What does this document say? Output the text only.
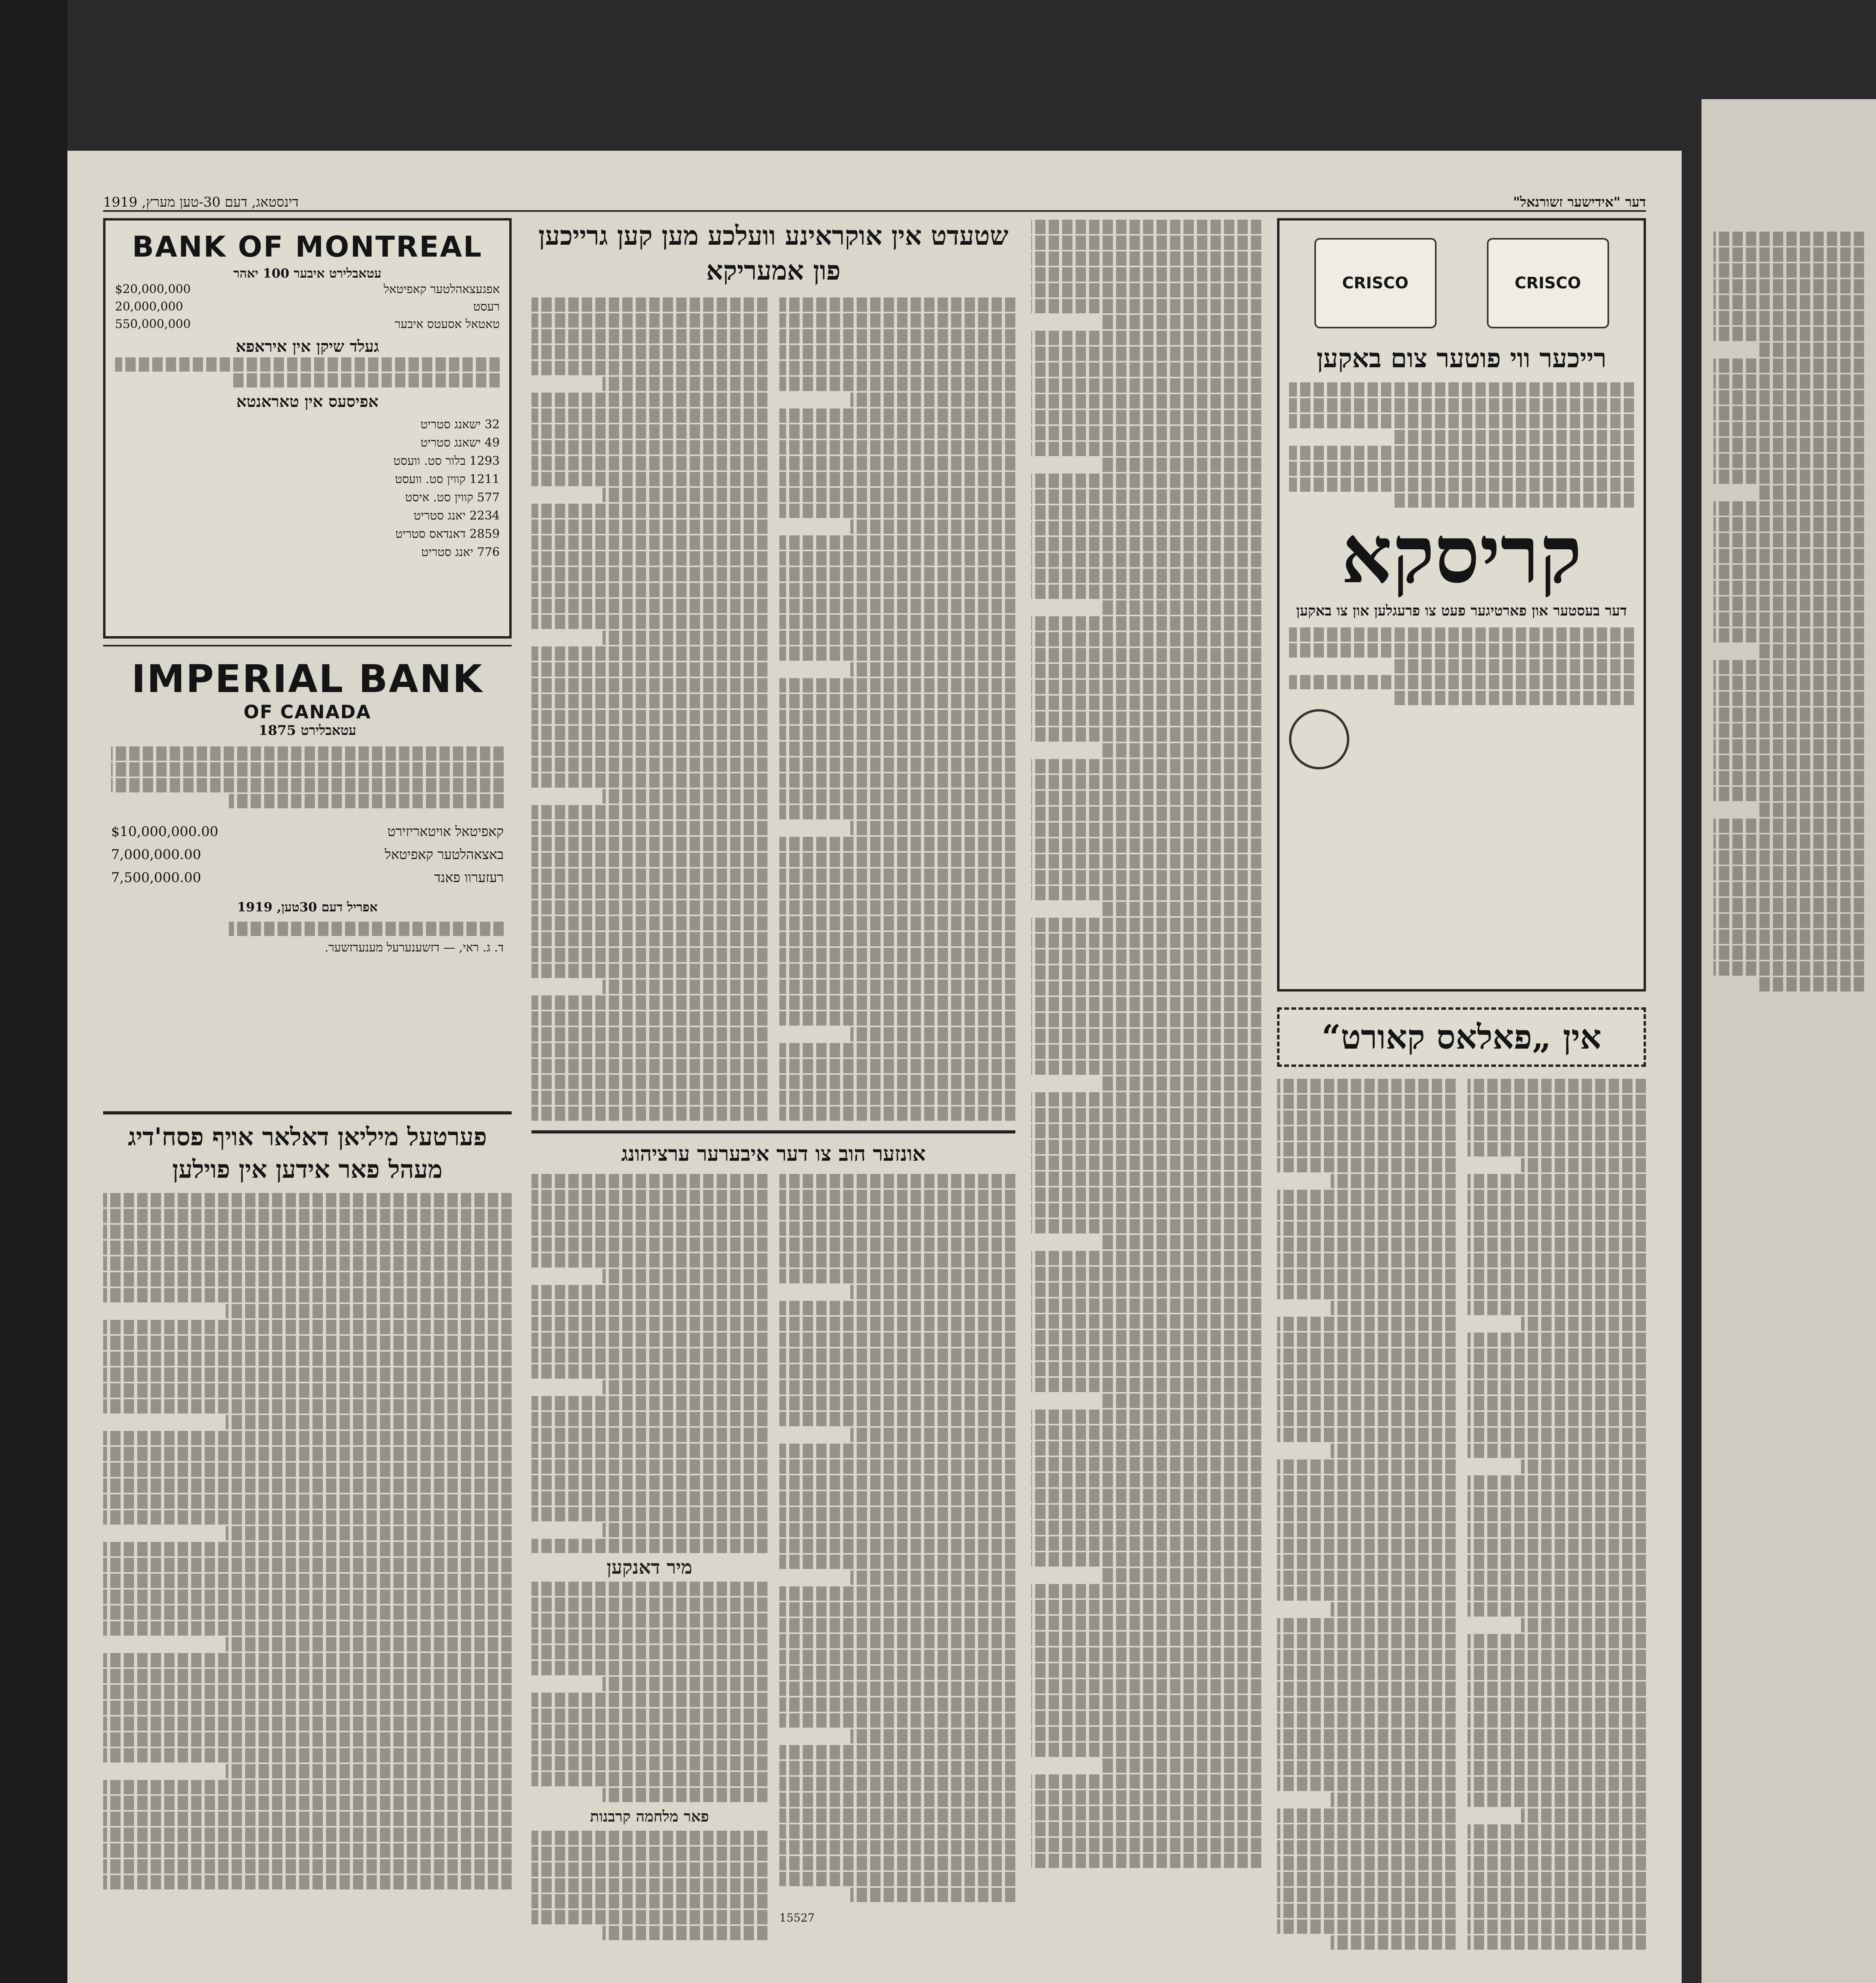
דינסטאג, דעם 30-טען מערץ, 1919	דער "אידישער זשורנאל"
BANK OF MONTREAL
עטאבלירט איבער 100 יאהר
$20,000,000	אפגעצאהלטער קאפיטאל
20,000,000	רעסט
550,000,000	טאטאל אסעטס איבער
געלד שיקן אין איראפא
אפיסעס אין טאראנטא
32 ישאנג סטריט
49 ישאנג סטריט
1293 בלור סט. וועסט
1211 קווין סט. וועסט
577 קווין סט. איסט
2234 יאנג סטריט
2859 דאנדאס סטריט
776 יאנג סטריט
IMPERIAL BANK
OF CANADA
עטאבלירט 1875
$10,000,000.00	קאפיטאל אויטאריזירט
7,000,000.00	באצאהלטער קאפיטאל
7,500,000.00	רעזערוו פאנד
אפריל דעם 30טען, 1919
ד. ג. ראי, — דזשענערעל מענעדזשער.
פערטעל מיליאן דאלאר אויף פסח'דיג מעהל פאר אידען אין פוילען
שטעדט אין אוקראינע וועלכע מען קען גרייכען פון אמעריקא
אונזער הוב צו דער איבערער ערציהונג
מיר דאנקען
פאר מלחמה קרבנות
15527
CRISCO	CRISCO
רייכער ווי פוטער צום באקען
קריסקא
דער בעסטער און פארטיגער פעט צו פרעגלען און צו באקען
אין „פאלאס קאורט“
